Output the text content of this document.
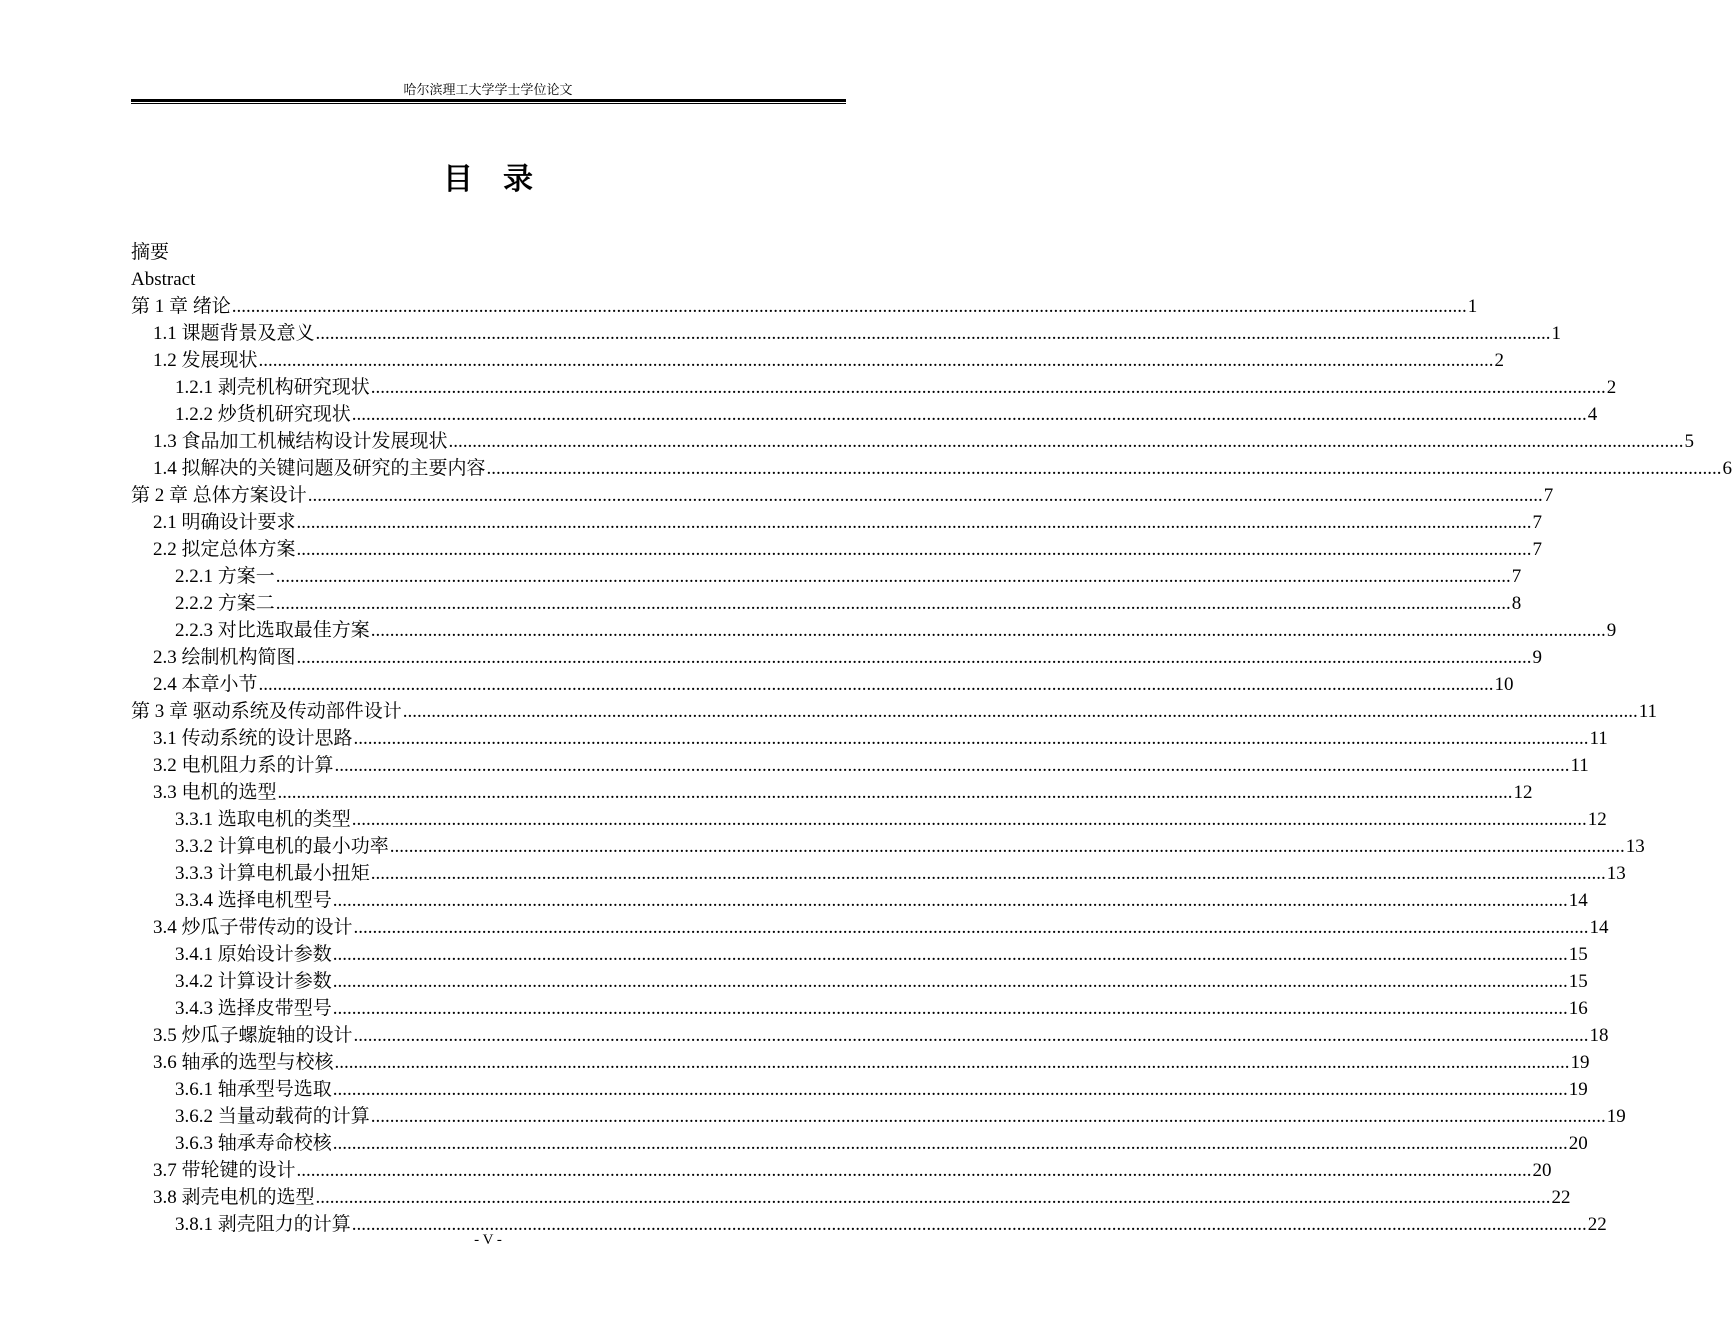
哈尔滨理工大学学士学位论文
目录
摘要
Abstract
第 1 章 绪论 .................................................................................................................................................................................................................................................................... 1
1.1 课题背景及意义 .................................................................................................................................................................................................................................................................... 1
1.2 发展现状 .................................................................................................................................................................................................................................................................... 2
1.2.1 剥壳机构研究现状 .................................................................................................................................................................................................................................................................... 2
1.2.2 炒货机研究现状 .................................................................................................................................................................................................................................................................... 4
1.3 食品加工机械结构设计发展现状 .................................................................................................................................................................................................................................................................... 5
1.4 拟解决的关键问题及研究的主要内容 .................................................................................................................................................................................................................................................................... 6
第 2 章 总体方案设计 .................................................................................................................................................................................................................................................................... 7
2.1 明确设计要求 .................................................................................................................................................................................................................................................................... 7
2.2 拟定总体方案 .................................................................................................................................................................................................................................................................... 7
2.2.1 方案一 .................................................................................................................................................................................................................................................................... 7
2.2.2 方案二 .................................................................................................................................................................................................................................................................... 8
2.2.3 对比选取最佳方案 .................................................................................................................................................................................................................................................................... 9
2.3 绘制机构简图 .................................................................................................................................................................................................................................................................... 9
2.4 本章小节 .................................................................................................................................................................................................................................................................... 10
第 3 章 驱动系统及传动部件设计 .................................................................................................................................................................................................................................................................... 11
3.1 传动系统的设计思路 .................................................................................................................................................................................................................................................................... 11
3.2 电机阻力系的计算 .................................................................................................................................................................................................................................................................... 11
3.3 电机的选型 .................................................................................................................................................................................................................................................................... 12
3.3.1 选取电机的类型 .................................................................................................................................................................................................................................................................... 12
3.3.2 计算电机的最小功率 .................................................................................................................................................................................................................................................................... 13
3.3.3 计算电机最小扭矩 .................................................................................................................................................................................................................................................................... 13
3.3.4 选择电机型号 .................................................................................................................................................................................................................................................................... 14
3.4 炒瓜子带传动的设计 .................................................................................................................................................................................................................................................................... 14
3.4.1 原始设计参数 .................................................................................................................................................................................................................................................................... 15
3.4.2 计算设计参数 .................................................................................................................................................................................................................................................................... 15
3.4.3 选择皮带型号 .................................................................................................................................................................................................................................................................... 16
3.5 炒瓜子螺旋轴的设计 .................................................................................................................................................................................................................................................................... 18
3.6 轴承的选型与校核 .................................................................................................................................................................................................................................................................... 19
3.6.1 轴承型号选取 .................................................................................................................................................................................................................................................................... 19
3.6.2 当量动载荷的计算 .................................................................................................................................................................................................................................................................... 19
3.6.3 轴承寿命校核 .................................................................................................................................................................................................................................................................... 20
3.7 带轮键的设计 .................................................................................................................................................................................................................................................................... 20
3.8 剥壳电机的选型 .................................................................................................................................................................................................................................................................... 22
3.8.1 剥壳阻力的计算 .................................................................................................................................................................................................................................................................... 22
- V -
